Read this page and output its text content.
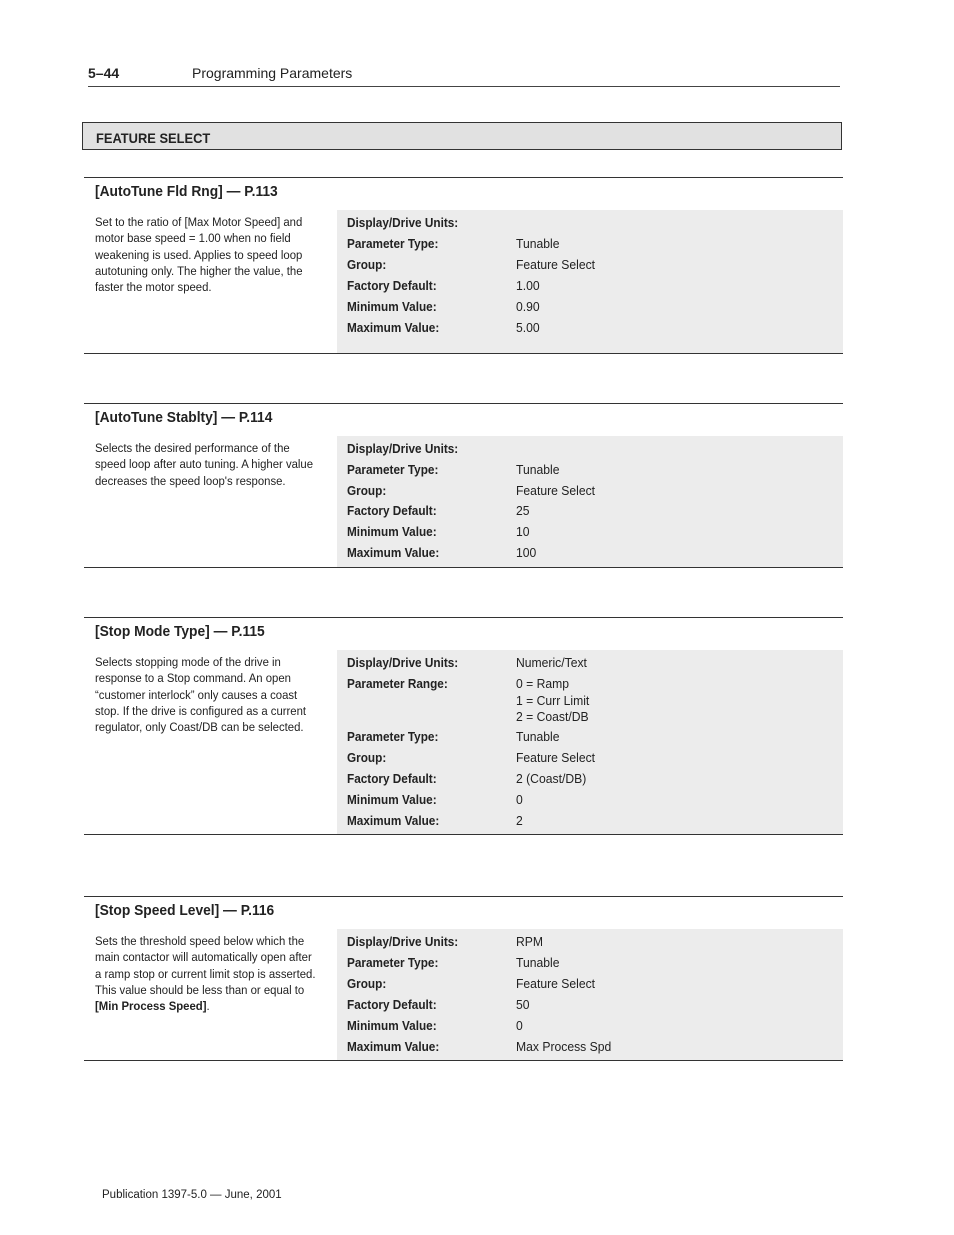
5–44	Programming Parameters
FEATURE SELECT
[AutoTune Fld Rng] — P.113
Set to the ratio of [Max Motor Speed] and motor base speed = 1.00 when no field weakening is used. Applies to speed loop autotuning only. The higher the value, the faster the motor speed.
Display/Drive Units:
Parameter Type:	Tunable
Group:	Feature Select
Factory Default:	1.00
Minimum Value:	0.90
Maximum Value:	5.00
[AutoTune Stablty] — P.114
Selects the desired performance of the speed loop after auto tuning. A higher value decreases the speed loop's response.
Display/Drive Units:
Parameter Type:	Tunable
Group:	Feature Select
Factory Default:	25
Minimum Value:	10
Maximum Value:	100
[Stop Mode Type] — P.115
Selects stopping mode of the drive in response to a Stop command. An open “customer interlock” only causes a coast stop. If the drive is configured as a current regulator, only Coast/DB can be selected.
Display/Drive Units:	Numeric/Text
Parameter Range:	0 = Ramp
1 = Curr Limit
2 = Coast/DB
Parameter Type:	Tunable
Group:	Feature Select
Factory Default:	2 (Coast/DB)
Minimum Value:	0
Maximum Value:	2
[Stop Speed Level] — P.116
Sets the threshold speed below which the main contactor will automatically open after a ramp stop or current limit stop is asserted. This value should be less than or equal to [Min Process Speed].
Display/Drive Units:	RPM
Parameter Type:	Tunable
Group:	Feature Select
Factory Default:	50
Minimum Value:	0
Maximum Value:	Max Process Spd
Publication 1397-5.0 — June, 2001
